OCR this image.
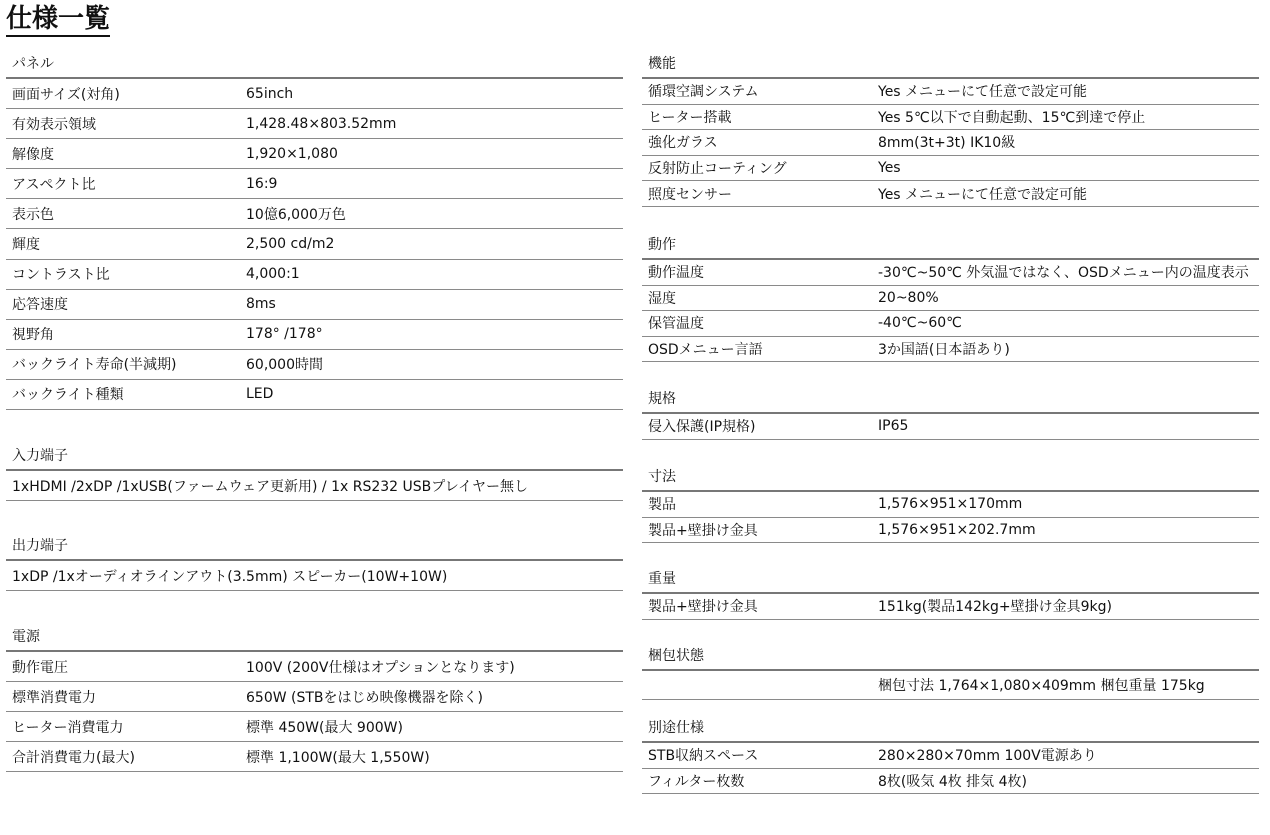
仕様一覧
パネル
画面サイズ(対角)	65inch
有効表示領域	1,428.48×803.52mm
解像度	1,920×1,080
アスペクト比	16:9
表示色	10億6,000万色
輝度	2,500 cd/m2
コントラスト比	4,000:1
応答速度	8ms
視野角	178° /178°
バックライト寿命(半減期)	60,000時間
バックライト種類	LED
入力端子
1xHDMI /2xDP /1xUSB(ファームウェア更新用) / 1x RS232 USBプレイヤー無し
出力端子
1xDP /1xオーディオラインアウト(3.5mm) スピーカー(10W+10W)
電源
動作電圧	100V (200V仕様はオプションとなります)
標準消費電力	650W (STBをはじめ映像機器を除く)
ヒーター消費電力	標準 450W(最大 900W)
合計消費電力(最大)	標準 1,100W(最大 1,550W)
機能
循環空調システム	Yes メニューにて任意で設定可能
ヒーター搭載	Yes 5℃以下で自動起動、15℃到達で停止
強化ガラス	8mm(3t+3t) IK10級
反射防止コーティング	Yes
照度センサー	Yes メニューにて任意で設定可能
動作
動作温度	-30℃~50℃ 外気温ではなく、OSDメニュー内の温度表示
湿度	20~80%
保管温度	-40℃~60℃
OSDメニュー言語	3か国語(日本語あり)
規格
侵入保護(IP規格)	IP65
寸法
製品	1,576×951×170mm
製品+壁掛け金具	1,576×951×202.7mm
重量
製品+壁掛け金具	151kg(製品142kg+壁掛け金具9kg)
梱包状態
梱包寸法 1,764×1,080×409mm 梱包重量 175kg
別途仕様
STB収納スペース	280×280×70mm 100V電源あり
フィルター枚数	8枚(吸気 4枚 排気 4枚)
